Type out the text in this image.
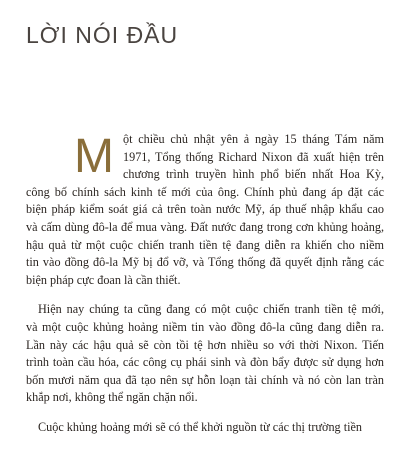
LỜI NÓI ĐẦU
M ột chiều chủ nhật yên ả ngày 15 tháng Tám năm
1971, Tổng thống Richard Nixon đã xuất hiện trên
chương trình truyền hình phổ biến nhất Hoa Kỳ,
công bố chính sách kinh tế mới của ông. Chính phủ đang áp đặt các
biện pháp kiểm soát giá cả trên toàn nước Mỹ, áp thuế nhập khẩu cao
và cấm dùng đô-la để mua vàng. Đất nước đang trong cơn khủng hoảng,
hậu quả từ một cuộc chiến tranh tiền tệ đang diễn ra khiến cho niềm
tin vào đồng đô-la Mỹ bị đổ vỡ, và Tổng thống đã quyết định rằng các
biện pháp cực đoan là cần thiết.
Hiện nay chúng ta cũng đang có một cuộc chiến tranh tiền tệ mới,
và một cuộc khủng hoảng niềm tin vào đồng đô-la cũng đang diễn ra.
Lần này các hậu quả sẽ còn tồi tệ hơn nhiều so với thời Nixon. Tiến
trình toàn cầu hóa, các công cụ phái sinh và đòn bẩy được sử dụng hơn
bốn mươi năm qua đã tạo nên sự hỗn loạn tài chính và nó còn lan tràn
khắp nơi, không thể ngăn chặn nổi.
Cuộc khủng hoảng mới sẽ có thể khởi nguồn từ các thị trường tiền
